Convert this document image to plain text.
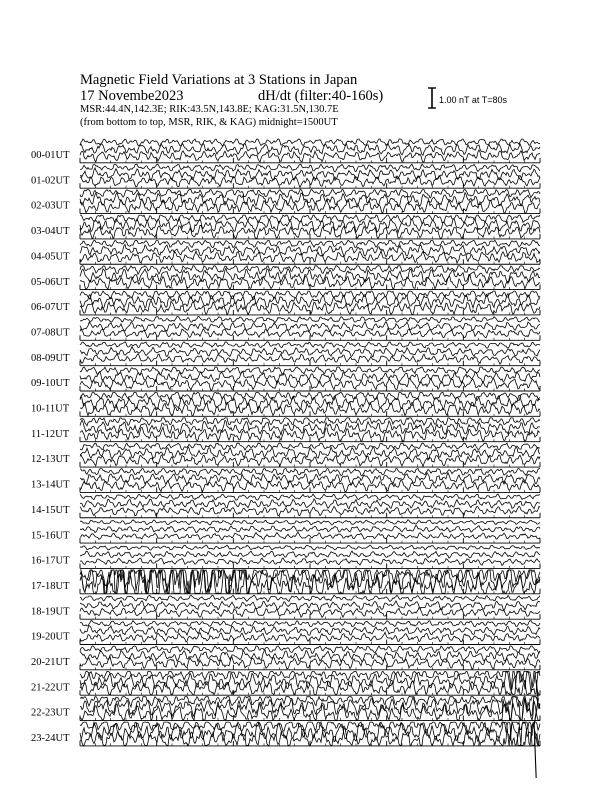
Magnetic Field Variations at 3 Stations in Japan
17 Novembe2023	dH/dt (filter:40-160s)
MSR:44.4N,142.3E; RIK:43.5N,143.8E; KAG:31.5N,130.7E
(from bottom to top, MSR, RIK, & KAG) midnight=1500UT
1.00 nT at T=80s
00-01UT
01-02UT
02-03UT
03-04UT
04-05UT
05-06UT
06-07UT
07-08UT
08-09UT
09-10UT
10-11UT
11-12UT
12-13UT
13-14UT
14-15UT
15-16UT
16-17UT
17-18UT
18-19UT
19-20UT
20-21UT
21-22UT
22-23UT
23-24UT
